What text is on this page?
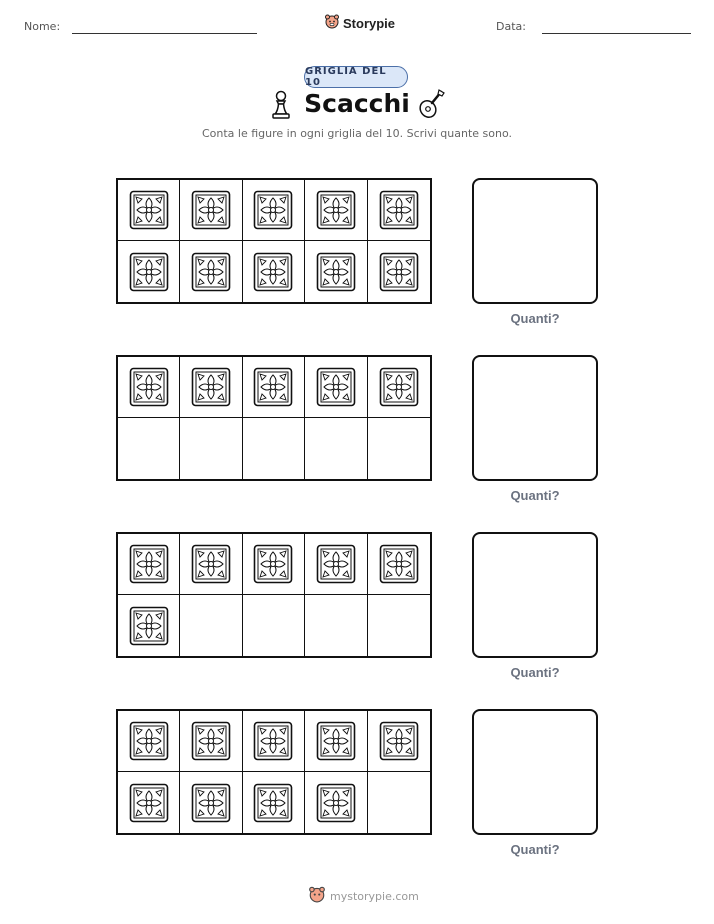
Nome:	Storypie	Data:
GRIGLIA DEL 10
Scacchi
Conta le figure in ogni griglia del 10. Scrivi quante sono.
Quanti?
Quanti?
Quanti?
Quanti?
mystorypie.com
